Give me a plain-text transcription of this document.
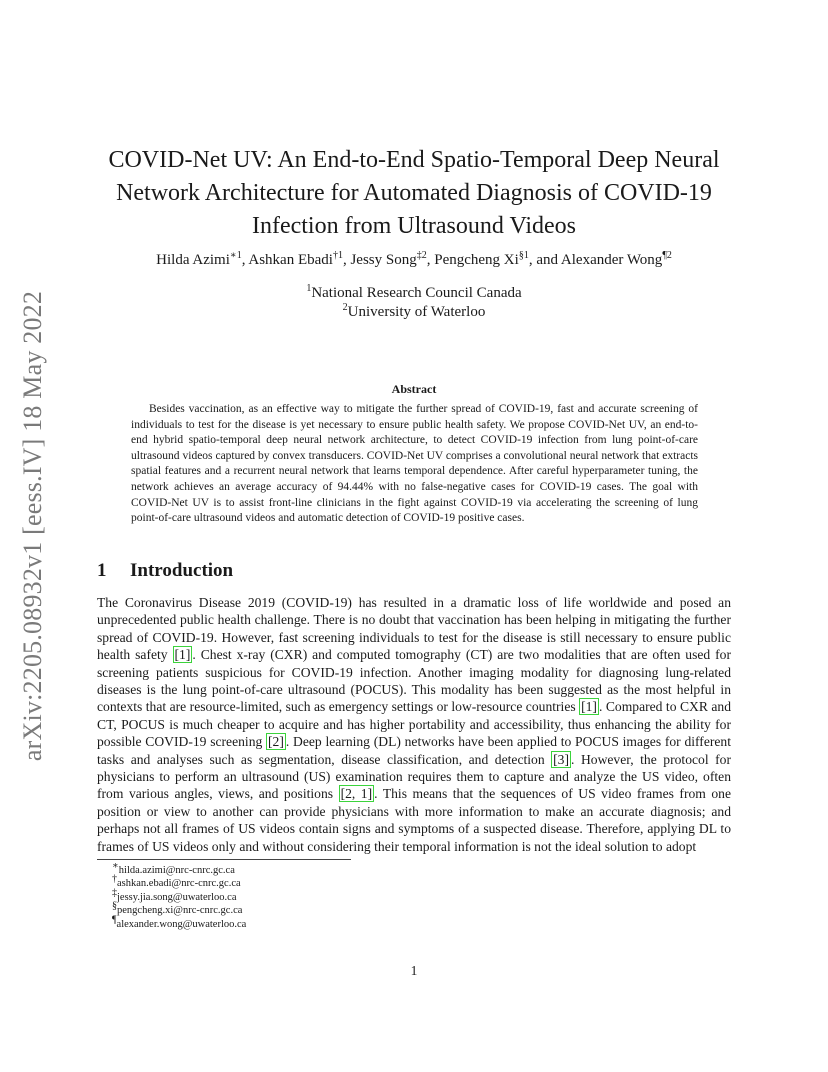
arXiv:2205.08932v1 [eess.IV] 18 May 2022
COVID-Net UV: An End-to-End Spatio-Temporal Deep Neural
Network Architecture for Automated Diagnosis of COVID-19
Infection from Ultrasound Videos
Hilda Azimi$^{∗1}$, Ashkan Ebadi$^{\dagger 1}$, Jessy Song$^{\ddagger 2}$, Pengcheng Xi$^{\S 1}$, and Alexander Wong$^{\P 2}$
$^1$National Research Council Canada
$^2$University of Waterloo
Abstract
Besides vaccination, as an effective way to mitigate the further spread of COVID-19, fast and accurate screening of individuals to test for the disease is yet necessary to ensure public health safety. We propose COVID-Net UV, an end-to-end hybrid spatio-temporal deep neural network architecture, to detect COVID-19 infection from lung point-of-care ultrasound videos captured by convex transducers. COVID-Net UV comprises a convolutional neural network that extracts spatial features and a recurrent neural network that learns temporal dependence. After careful hyperparameter tuning, the network achieves an average accuracy of 94.44% with no false-negative cases for COVID-19 cases. The goal with COVID-Net UV is to assist front-line clinicians in the fight against COVID-19 via accelerating the screening of lung point-of-care ultrasound videos and automatic detection of COVID-19 positive cases.
1 Introduction
The Coronavirus Disease 2019 (COVID-19) has resulted in a dramatic loss of life worldwide and posed an unprecedented public health challenge. There is no doubt that vaccination has been helping in mitigating the further spread of COVID-19. However, fast screening individuals to test for the disease is still necessary to ensure public health safety [1] . Chest x-ray (CXR) and computed tomography (CT) are two modalities that are often used for screening patients suspicious for COVID-19 infection. Another imaging modality for diagnosing lung-related diseases is the lung point-of-care ultrasound (POCUS). This modality has been suggested as the most helpful in contexts that are resource-limited, such as emergency settings or low-resource countries [1] . Compared to CXR and CT, POCUS is much cheaper to acquire and has higher portability and accessibility, thus enhancing the ability for possible COVID-19 screening [2] . Deep learning (DL) networks have been applied to POCUS images for different tasks and analyses such as segmentation, disease classification, and detection [3] . However, the protocol for physicians to perform an ultrasound (US) examination requires them to capture and analyze the US video, often from various angles, views, and positions [2, 1] . This means that the sequences of US video frames from one position or view to another can provide physicians with more information to make an accurate diagnosis; and perhaps not all frames of US videos contain signs and symptoms of a suspected disease. Therefore, applying DL to frames of US videos only and without considering their temporal information is not the ideal solution to adopt
∗hilda.azimi@nrc-cnrc.gc.ca
†ashkan.ebadi@nrc-cnrc.gc.ca
‡jessy.jia.song@uwaterloo.ca
§pengcheng.xi@nrc-cnrc.gc.ca
¶alexander.wong@uwaterloo.ca
1
